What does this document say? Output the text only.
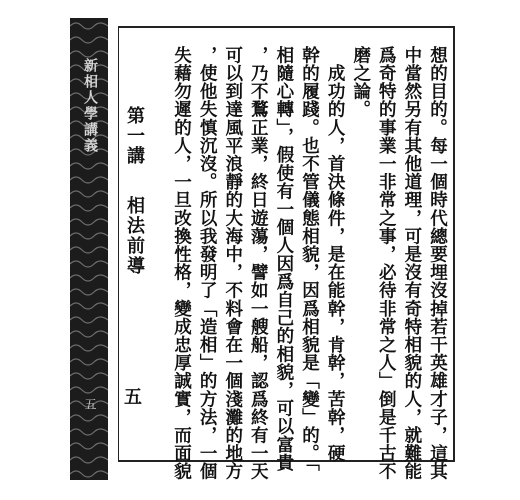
新相人學講義
五	想的目的。每一個時代總要埋沒掉若干英雄才子，這其
中當然另有其他道理，可是沒有奇特相貌的人，就難能
爲奇特的事業一非常之事，必待非常之人」倒是千古不
磨之論。
　成功的人，首決條件，是在能幹，肯幹，苦幹，硬
幹的履踐。也不管儀態相貌，因爲相貌是「變」的。「
相隨心轉」，假使有一個人因爲自己的相貌，可以富貴
，乃不鶩正業，終日遊蕩，譬如一艘船，認爲終有一天
可以到達風平浪靜的大海中，不料會在一個淺灘的地方
，使他失慎沉沒。所以我發明了「造相」的方法，一個
失藉勿遲的人，一旦改換性格，變成忠厚誠實，而面貌
第一講
相法前導
五
